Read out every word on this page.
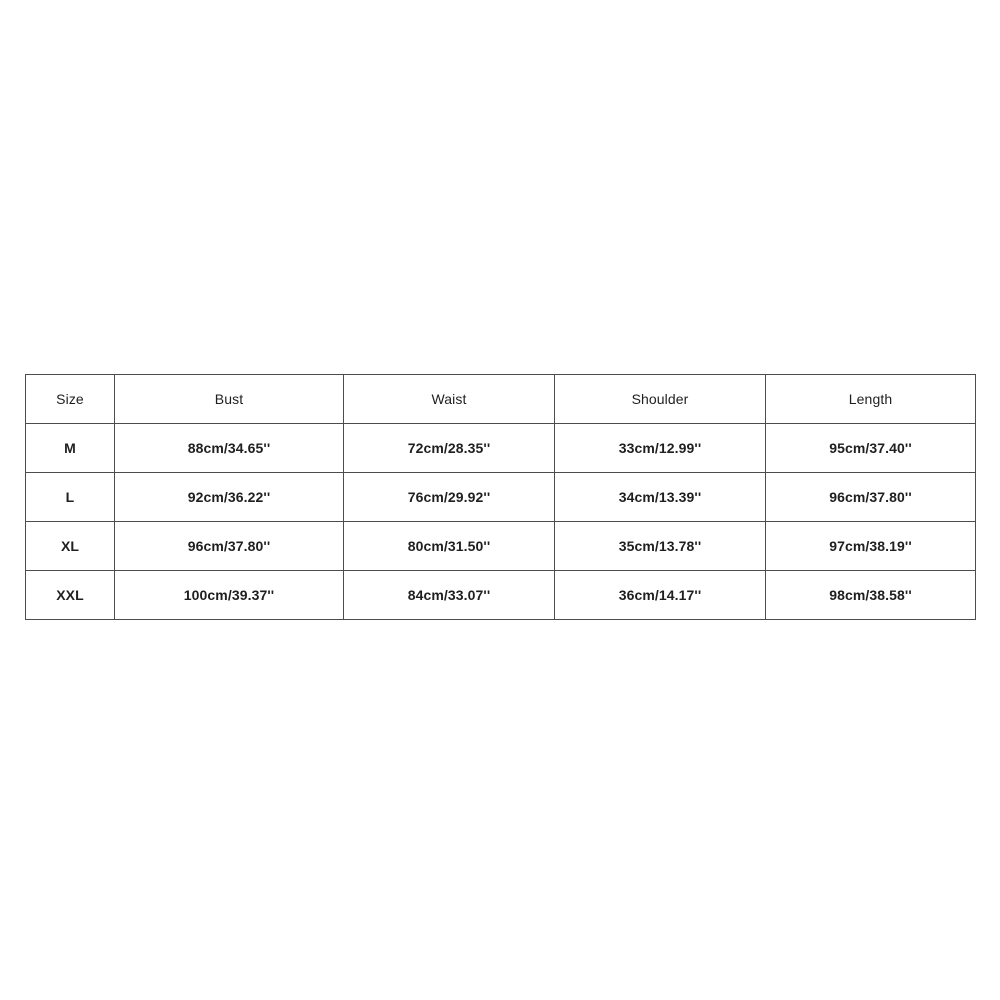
Size	Bust	Waist	Shoulder	Length
M	88cm/34.65''	72cm/28.35''	33cm/12.99''	95cm/37.40''
L	92cm/36.22''	76cm/29.92''	34cm/13.39''	96cm/37.80''
XL	96cm/37.80''	80cm/31.50''	35cm/13.78''	97cm/38.19''
XXL	100cm/39.37''	84cm/33.07''	36cm/14.17''	98cm/38.58''
